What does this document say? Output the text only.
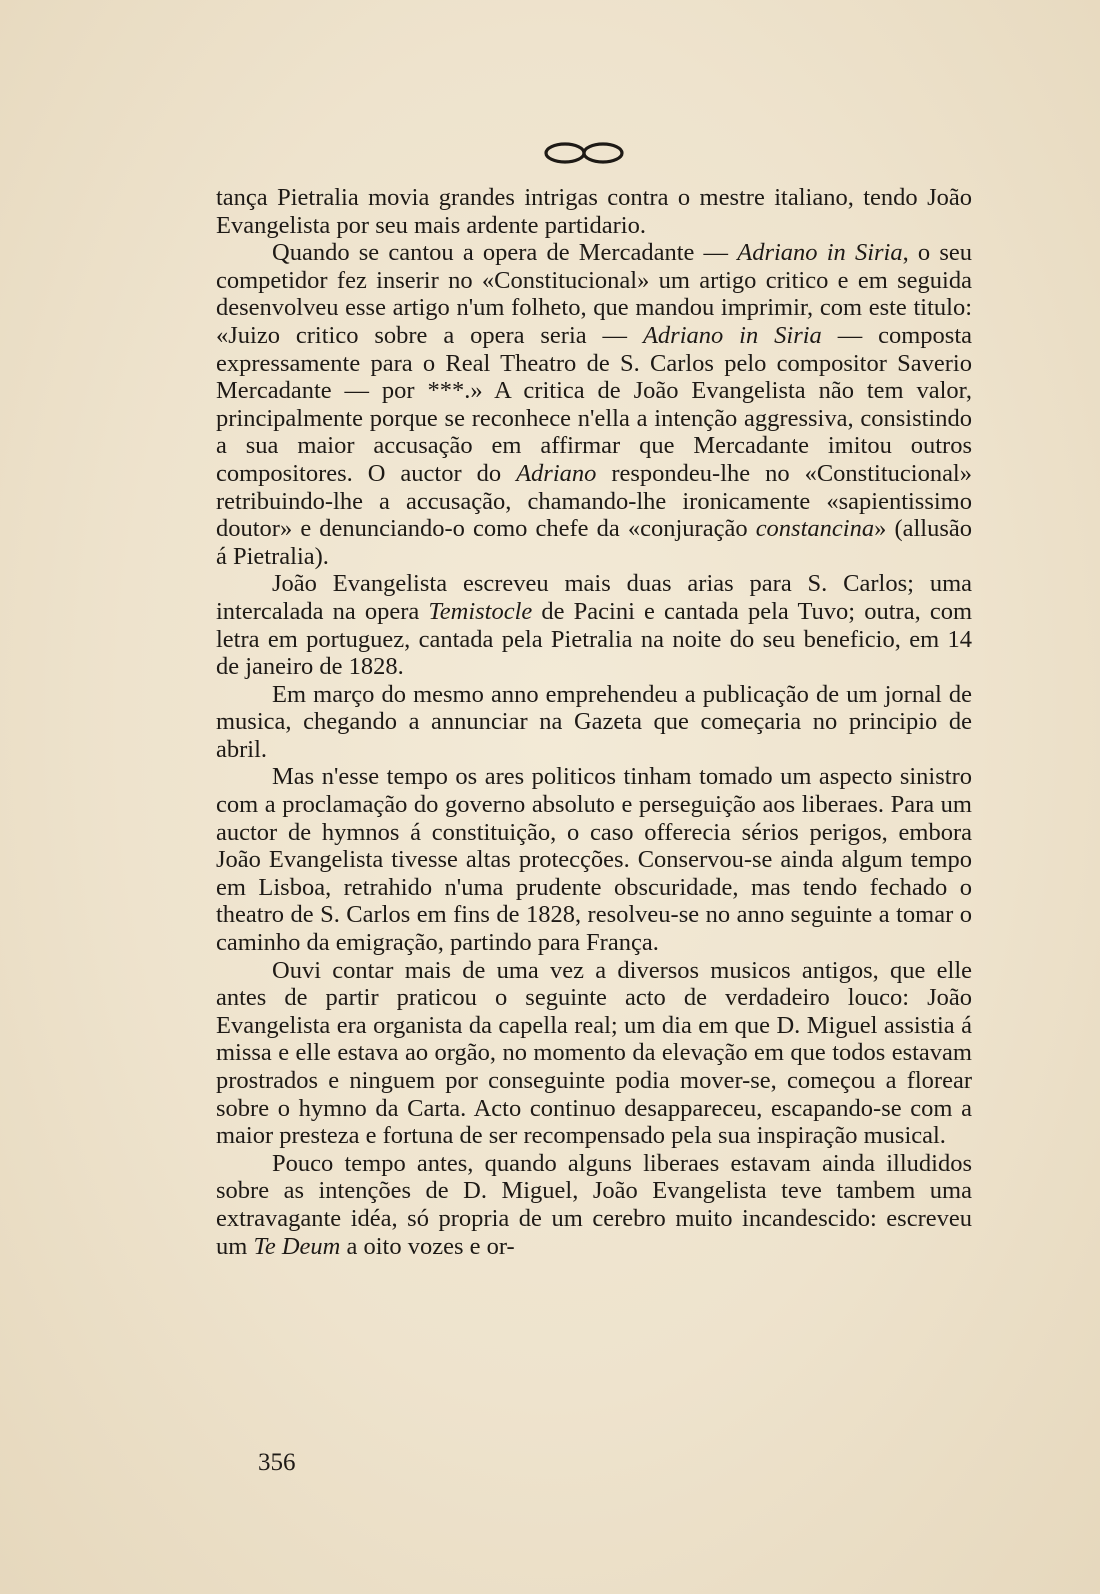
tança Pietralia movia grandes intrigas contra o mestre italiano, tendo João Evangelista por seu mais ardente partidario.

Quando se cantou a opera de Mercadante — Adriano in Siria, o seu competidor fez inserir no «Constitucional» um artigo critico e em seguida desenvolveu esse artigo n'um folheto, que mandou imprimir, com este titulo: «Juizo critico sobre a opera seria — Adriano in Siria — composta expressamente para o Real Theatro de S. Carlos pelo compositor Saverio Mercadante — por ***.» A critica de João Evangelista não tem valor, principalmente porque se reconhece n'ella a intenção aggressiva, consistindo a sua maior accusação em affirmar que Mercadante imitou outros compositores. O auctor do Adriano respondeu-lhe no «Constitucional» retribuindo-lhe a accusação, chamando-lhe ironicamente «sapientissimo doutor» e denunciando-o como chefe da «conjuração constancina» (allusão á Pietralia).

João Evangelista escreveu mais duas arias para S. Carlos; uma intercalada na opera Temistocle de Pacini e cantada pela Tuvo; outra, com letra em portuguez, cantada pela Pietralia na noite do seu beneficio, em 14 de janeiro de 1828.

Em março do mesmo anno emprehendeu a publicação de um jornal de musica, chegando a annunciar na Gazeta que começaria no principio de abril.

Mas n'esse tempo os ares politicos tinham tomado um aspecto sinistro com a proclamação do governo absoluto e perseguição aos liberaes. Para um auctor de hymnos á constituição, o caso offerecia sérios perigos, embora João Evangelista tivesse altas protecções. Conservou-se ainda algum tempo em Lisboa, retrahido n'uma prudente obscuridade, mas tendo fechado o theatro de S. Carlos em fins de 1828, resolveu-se no anno seguinte a tomar o caminho da emigração, partindo para França.

Ouvi contar mais de uma vez a diversos musicos antigos, que elle antes de partir praticou o seguinte acto de verdadeiro louco: João Evangelista era organista da capella real; um dia em que D. Miguel assistia á missa e elle estava ao orgão, no momento da elevação em que todos estavam prostrados e ninguem por conseguinte podia mover-se, começou a florear sobre o hymno da Carta. Acto continuo desappareceu, escapando-se com a maior presteza e fortuna de ser recompensado pela sua inspiração musical.

Pouco tempo antes, quando alguns liberaes estavam ainda illudidos sobre as intenções de D. Miguel, João Evangelista teve tambem uma extravagante idéa, só propria de um cerebro muito incandescido: escreveu um Te Deum a oito vozes e or-

356
